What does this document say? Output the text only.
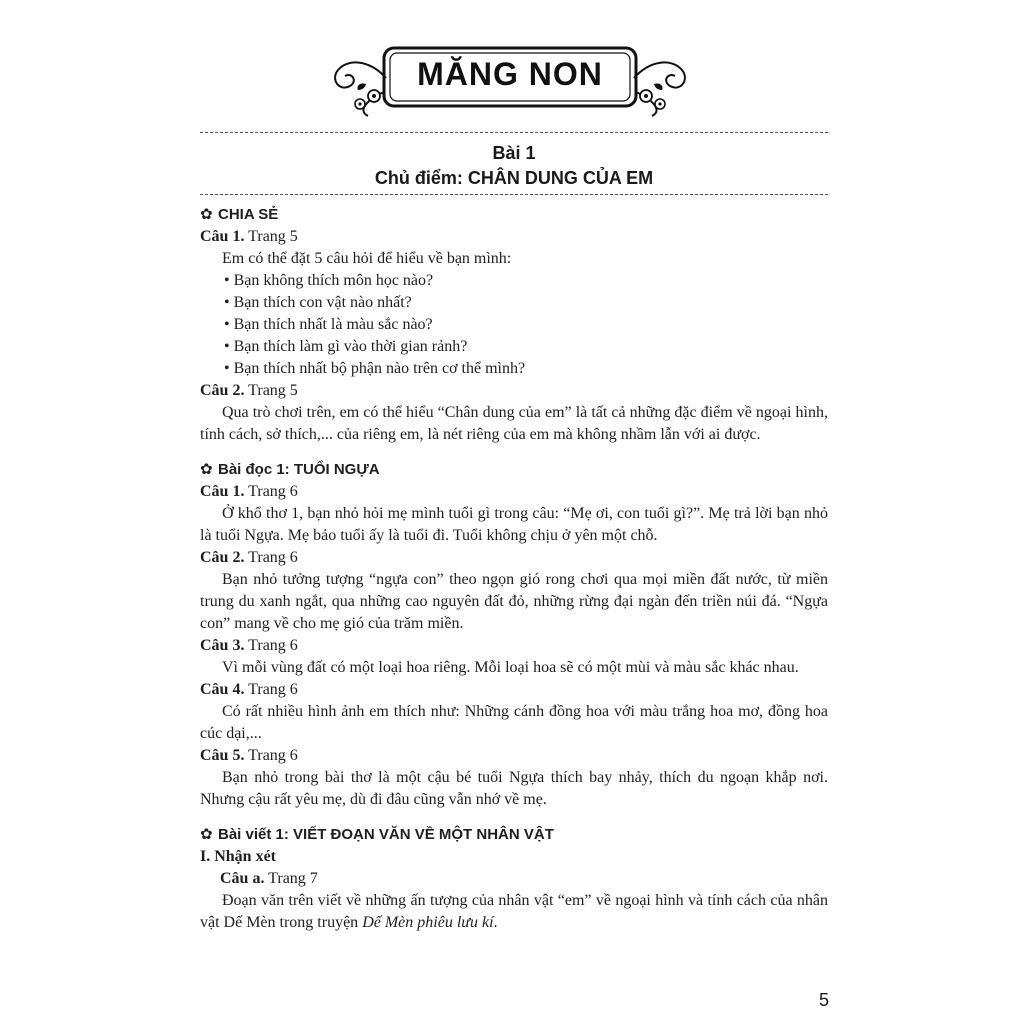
MĂNG NON
Bài 1
Chủ điểm: CHÂN DUNG CỦA EM
✿ CHIA SẺ

Câu 1. Trang 5

Em có thể đặt 5 câu hỏi để hiểu về bạn mình:

• Bạn không thích môn học nào?

• Bạn thích con vật nào nhất?

• Bạn thích nhất là màu sắc nào?

• Bạn thích làm gì vào thời gian rảnh?

• Bạn thích nhất bộ phận nào trên cơ thể mình?

Câu 2. Trang 5

Qua trò chơi trên, em có thể hiểu “Chân dung của em” là tất cả những đặc điểm về ngoại hình, tính cách, sở thích,... của riêng em, là nét riêng của em mà không nhầm lẫn với ai được.

✿ Bài đọc 1: TUỔI NGỰA

Câu 1. Trang 6

Ở khổ thơ 1, bạn nhỏ hỏi mẹ mình tuổi gì trong câu: “Mẹ ơi, con tuổi gì?”. Mẹ trả lời bạn nhỏ là tuổi Ngựa. Mẹ bảo tuổi ấy là tuổi đi. Tuổi không chịu ở yên một chỗ.

Câu 2. Trang 6

Bạn nhỏ tưởng tượng “ngựa con” theo ngọn gió rong chơi qua mọi miền đất nước, từ miền trung du xanh ngắt, qua những cao nguyên đất đỏ, những rừng đại ngàn đến triền núi đá. “Ngựa con” mang về cho mẹ gió của trăm miền.

Câu 3. Trang 6

Vì mỗi vùng đất có một loại hoa riêng. Mỗi loại hoa sẽ có một mùi và màu sắc khác nhau.

Câu 4. Trang 6

Có rất nhiều hình ảnh em thích như: Những cánh đồng hoa với màu trắng hoa mơ, đồng hoa cúc dại,...

Câu 5. Trang 6

Bạn nhỏ trong bài thơ là một cậu bé tuổi Ngựa thích bay nhảy, thích du ngoạn khắp nơi. Nhưng cậu rất yêu mẹ, dù đi đâu cũng vẫn nhớ về mẹ.

✿ Bài viết 1: VIẾT ĐOẠN VĂN VỀ MỘT NHÂN VẬT

I. Nhận xét

Câu a. Trang 7

Đoạn văn trên viết về những ấn tượng của nhân vật “em” về ngoại hình và tính cách của nhân vật Dế Mèn trong truyện Dế Mèn phiêu lưu kí.

5
